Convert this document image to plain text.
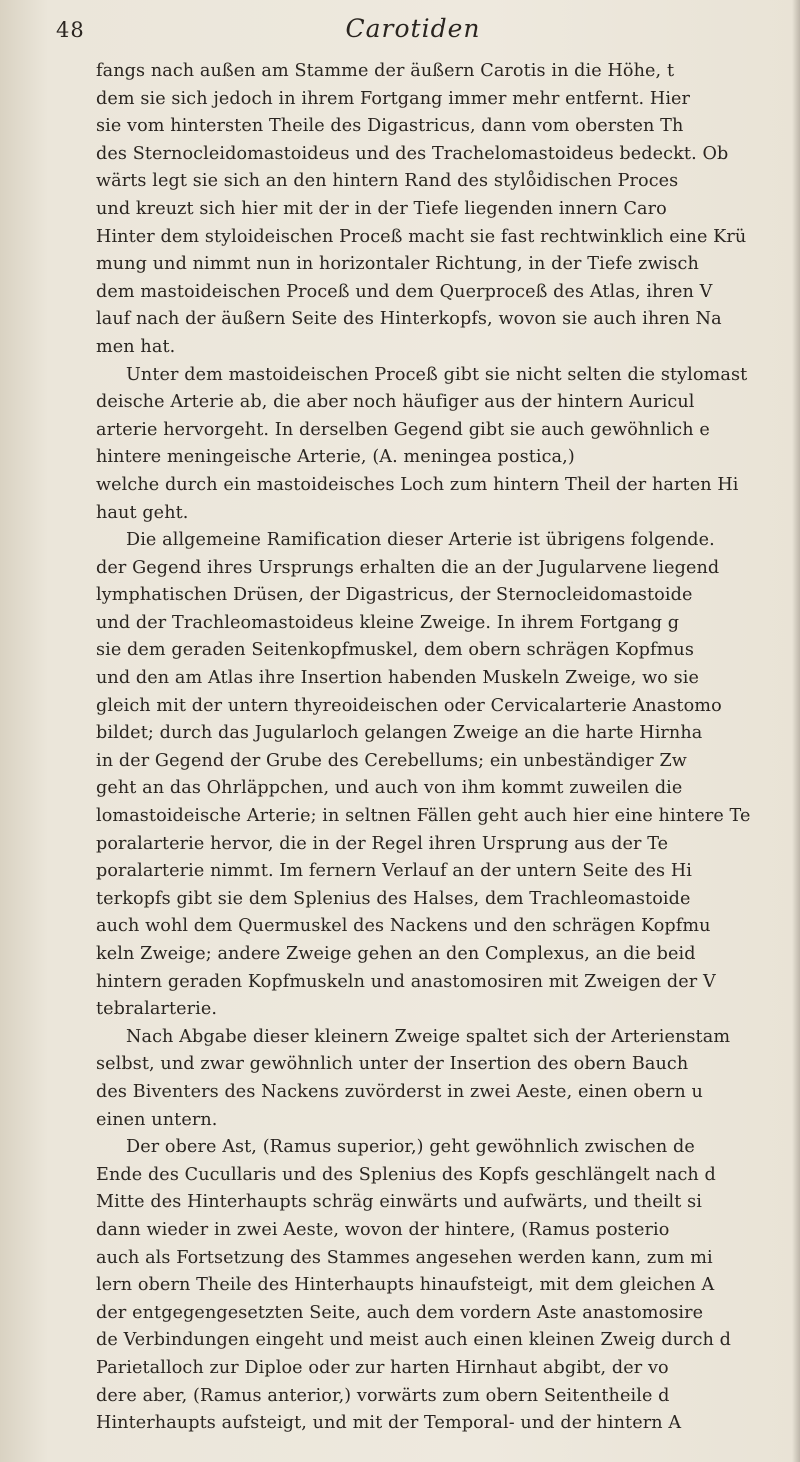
48	Carotiden
fangs nach außen am Stamme der äußern Carotis in die Höhe, t
dem sie sich jedoch in ihrem Fortgang immer mehr entfernt. Hier
sie vom hintersten Theile des Digastricus, dann vom obersten Th
des Sternocleidomastoideus und des Trachelomastoideus bedeckt. Ob
wärts legt sie sich an den hintern Rand des stylo̊idischen Proces
und kreuzt sich hier mit der in der Tiefe liegenden innern Caro
Hinter dem styloideischen Proceß macht sie fast rechtwinklich eine Krü
mung und nimmt nun in horizontaler Richtung, in der Tiefe zwisch
dem mastoideischen Proceß und dem Querproceß des Atlas, ihren V
lauf nach der äußern Seite des Hinterkopfs, wovon sie auch ihren Na
men hat.
Unter dem mastoideischen Proceß gibt sie nicht selten die stylomast
deische Arterie ab, die aber noch häufiger aus der hintern Auricul
arterie hervorgeht. In derselben Gegend gibt sie auch gewöhnlich e
hintere meningeische Arterie, (A. meningea postica,)
welche durch ein mastoideisches Loch zum hintern Theil der harten Hi
haut geht.
Die allgemeine Ramification dieser Arterie ist übrigens folgende.
der Gegend ihres Ursprungs erhalten die an der Jugularvene liegend
lymphatischen Drüsen, der Digastricus, der Sternocleidomastoide
und der Trachleomastoideus kleine Zweige. In ihrem Fortgang g
sie dem geraden Seitenkopfmuskel, dem obern schrägen Kopfmus
und den am Atlas ihre Insertion habenden Muskeln Zweige, wo sie
gleich mit der untern thyreoideischen oder Cervicalarterie Anastomo
bildet; durch das Jugularloch gelangen Zweige an die harte Hirnha
in der Gegend der Grube des Cerebellums; ein unbeständiger Zw
geht an das Ohrläppchen, und auch von ihm kommt zuweilen die
lomastoideische Arterie; in seltnen Fällen geht auch hier eine hintere Te
poralarterie hervor, die in der Regel ihren Ursprung aus der Te
poralarterie nimmt. Im fernern Verlauf an der untern Seite des Hi
terkopfs gibt sie dem Splenius des Halses, dem Trachleomastoide
auch wohl dem Quermuskel des Nackens und den schrägen Kopfmu
keln Zweige; andere Zweige gehen an den Complexus, an die beid
hintern geraden Kopfmuskeln und anastomosiren mit Zweigen der V
tebralarterie.
Nach Abgabe dieser kleinern Zweige spaltet sich der Arterienstam
selbst, und zwar gewöhnlich unter der Insertion des obern Bauch
des Biventers des Nackens zuvörderst in zwei Aeste, einen obern u
einen untern.
Der obere Ast, (Ramus superior,) geht gewöhnlich zwischen de
Ende des Cucullaris und des Splenius des Kopfs geschlängelt nach d
Mitte des Hinterhaupts schräg einwärts und aufwärts, und theilt si
dann wieder in zwei Aeste, wovon der hintere, (Ramus posterio
auch als Fortsetzung des Stammes angesehen werden kann, zum mi
lern obern Theile des Hinterhaupts hinaufsteigt, mit dem gleichen A
der entgegengesetzten Seite, auch dem vordern Aste anastomosire
de Verbindungen eingeht und meist auch einen kleinen Zweig durch d
Parietalloch zur Diploe oder zur harten Hirnhaut abgibt, der vo
dere aber, (Ramus anterior,) vorwärts zum obern Seitentheile d
Hinterhaupts aufsteigt, und mit der Temporal- und der hintern A
